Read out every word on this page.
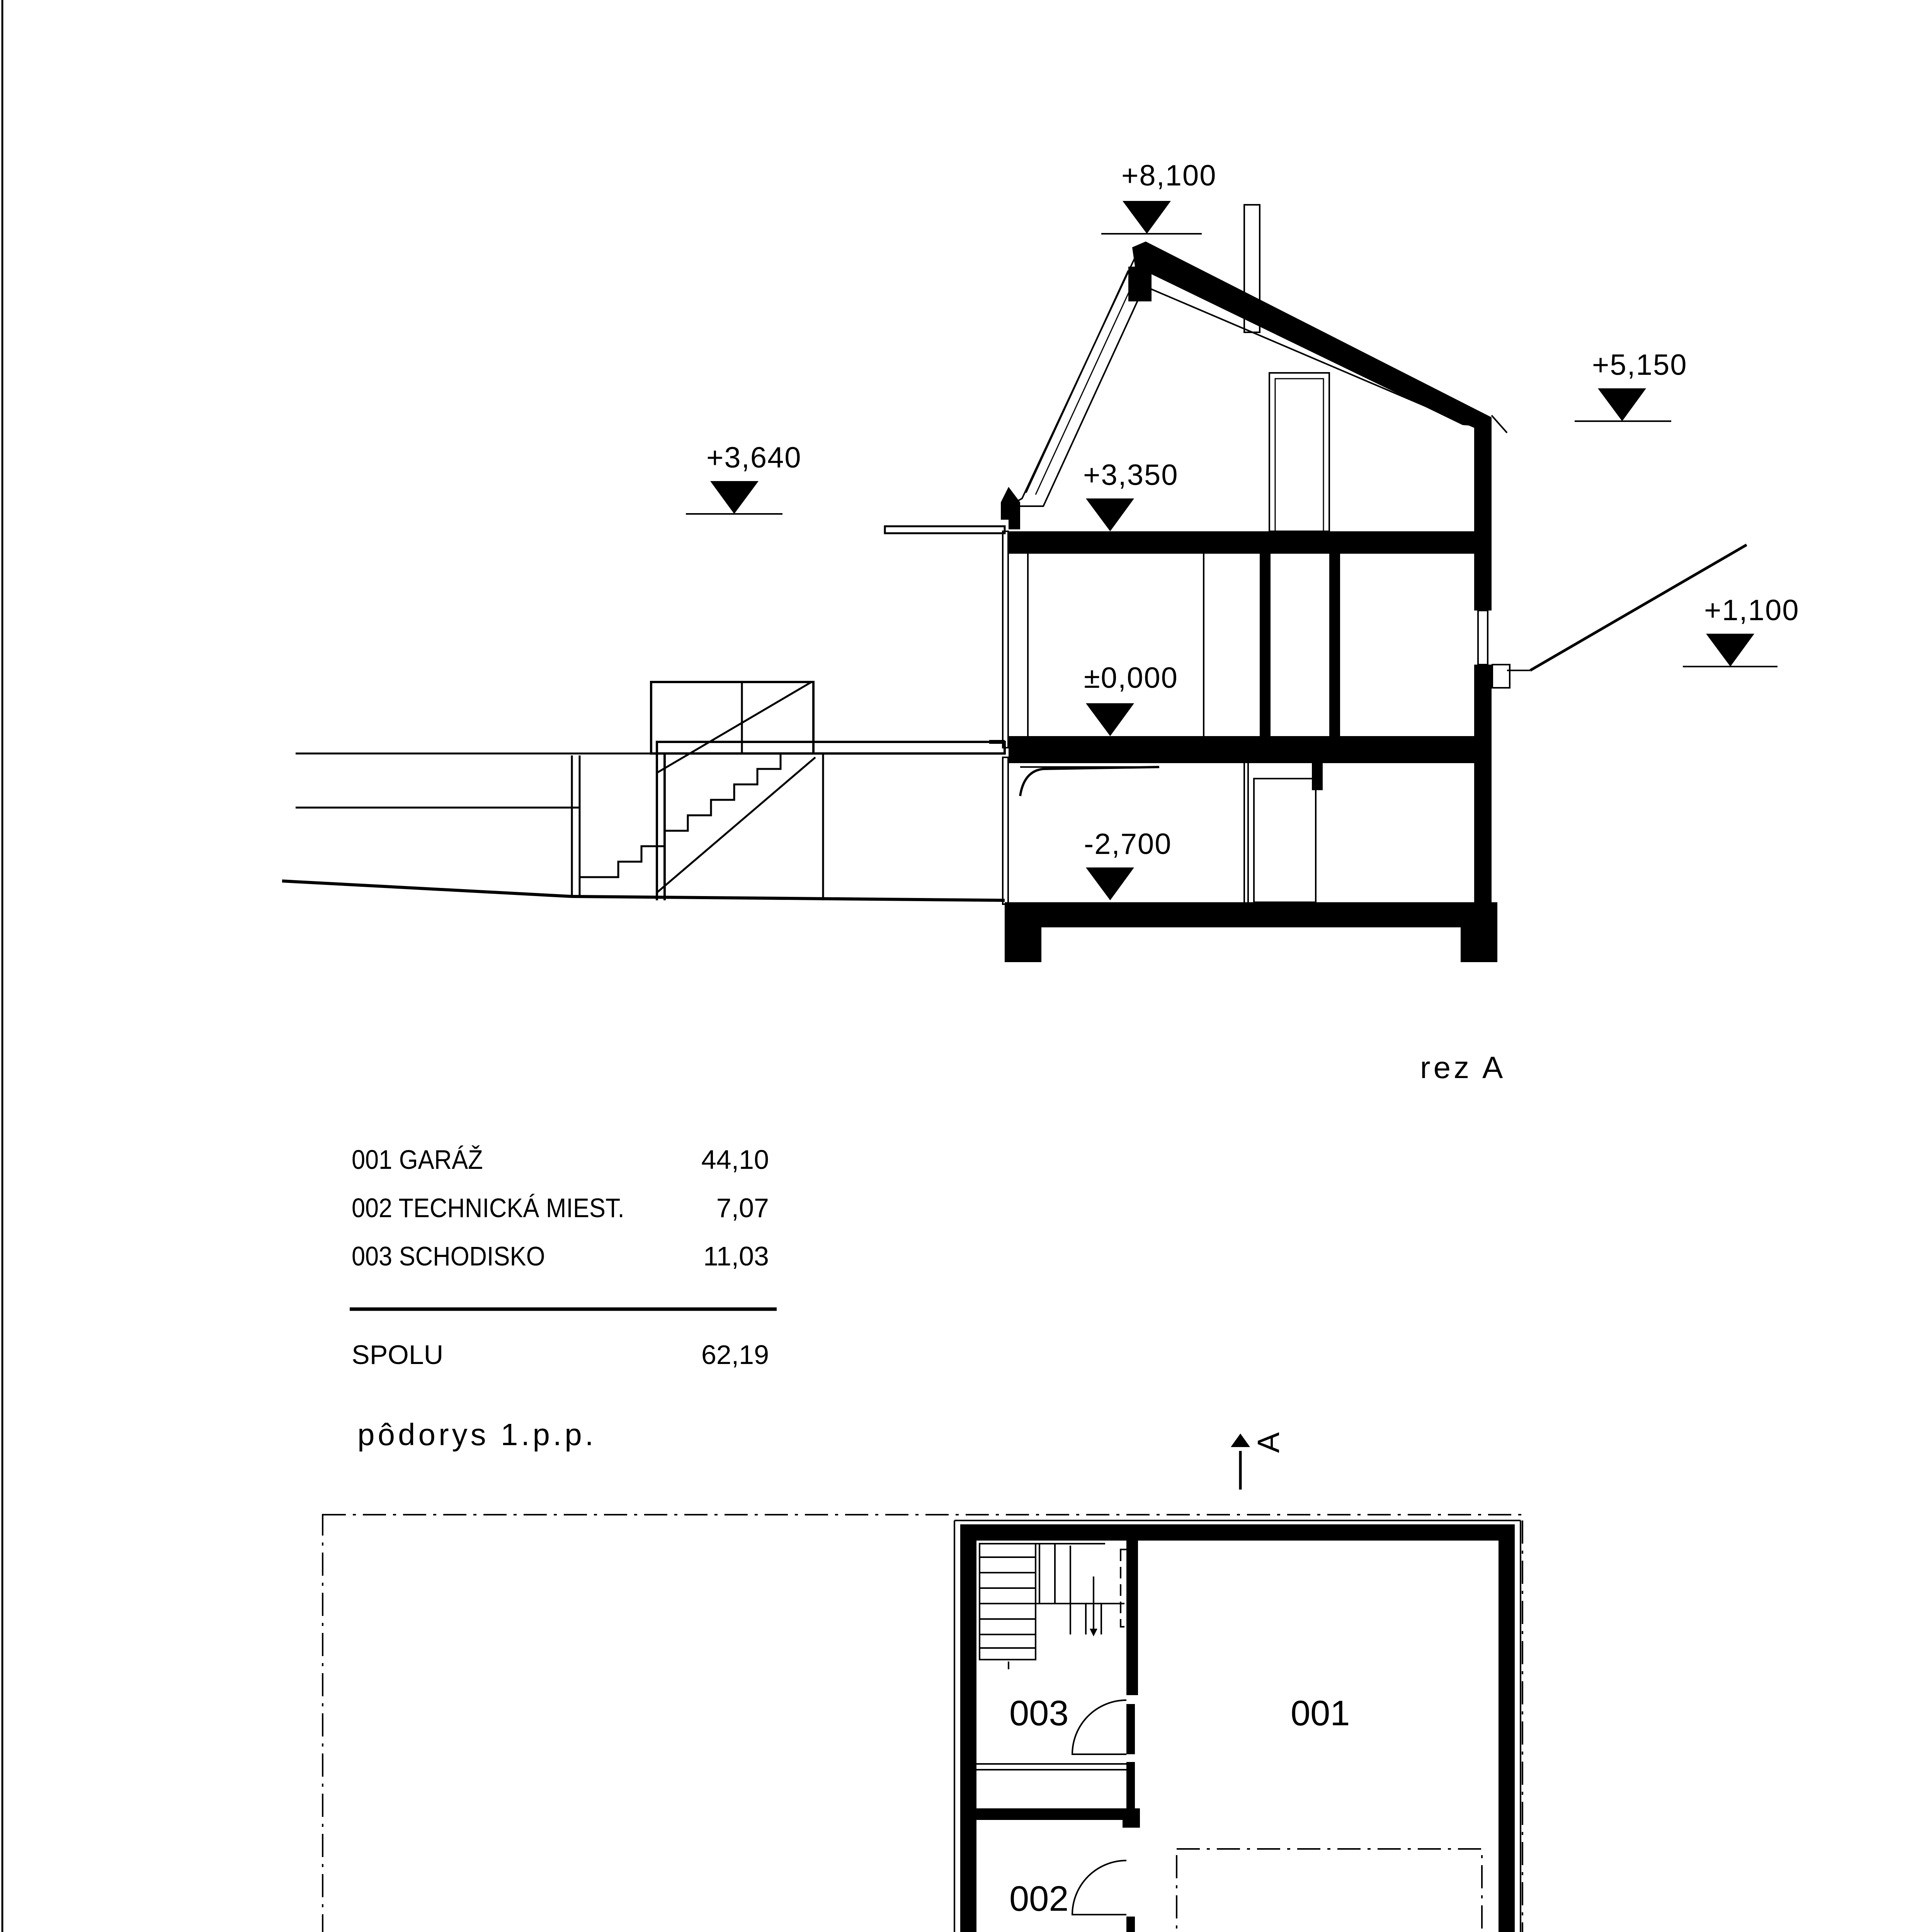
+8,100
+5,150
+3,640
+3,350
+1,100
±0,000
-2,700
rez A
001 GARÁŽ	44,10
002 TECHNICKÁ MIEST.	7,07
003 SCHODISKO	11,03
SPOLU	62,19
pôdorys 1.p.p.
003	001
002
A
